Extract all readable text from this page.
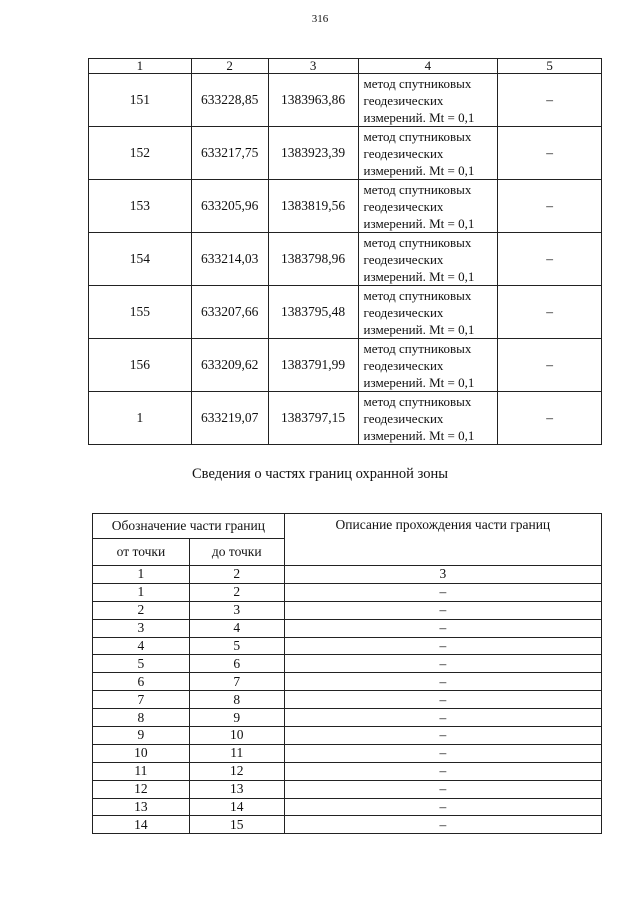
316
1	2	3	4	5
151	633228,85	1383963,86	метод спутниковых
геодезических
измерений. Mt = 0,1	–
152	633217,75	1383923,39	метод спутниковых
геодезических
измерений. Mt = 0,1	–
153	633205,96	1383819,56	метод спутниковых
геодезических
измерений. Mt = 0,1	–
154	633214,03	1383798,96	метод спутниковых
геодезических
измерений. Mt = 0,1	–
155	633207,66	1383795,48	метод спутниковых
геодезических
измерений. Mt = 0,1	–
156	633209,62	1383791,99	метод спутниковых
геодезических
измерений. Mt = 0,1	–
1	633219,07	1383797,15	метод спутниковых
геодезических
измерений. Mt = 0,1	–
Сведения о частях границ охранной зоны
Обозначение части границ		Описание прохождения части границ
от точки	до точки	
1	2	3
1	2	–
2	3	–
3	4	–
4	5	–
5	6	–
6	7	–
7	8	–
8	9	–
9	10	–
10	11	–
11	12	–
12	13	–
13	14	–
14	15	–
